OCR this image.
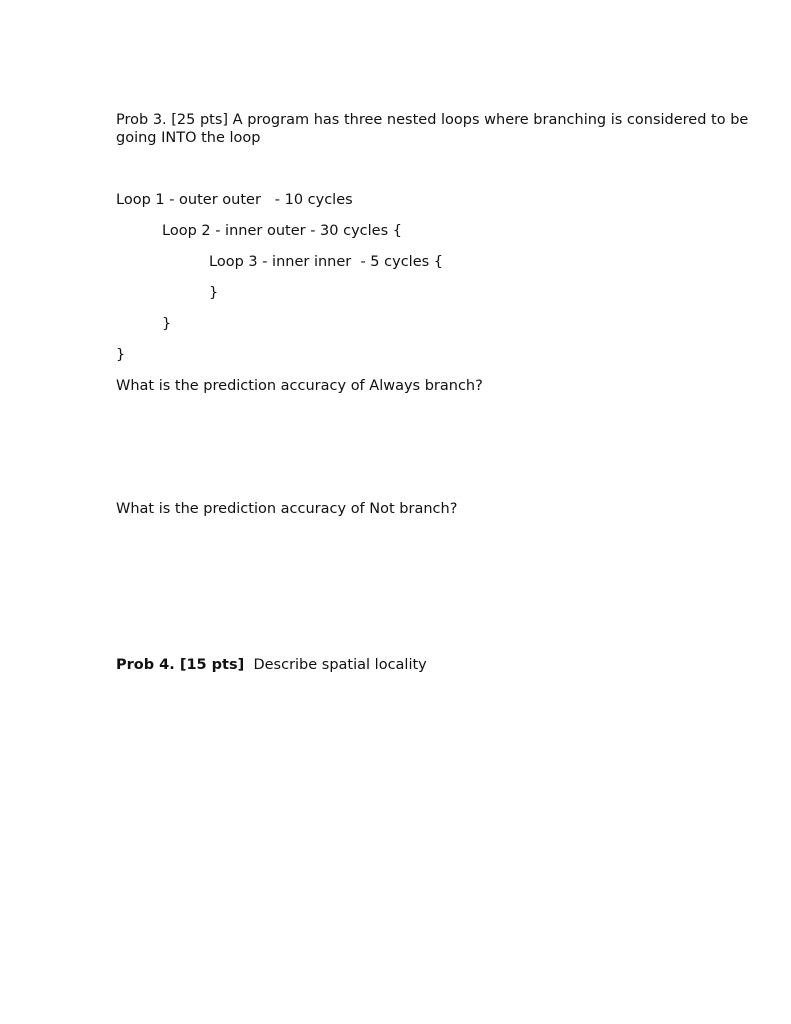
Prob 3. [25 pts] A program has three nested loops where branching is considered to be
going INTO the loop
Loop 1 - outer outer   - 10 cycles
Loop 2 - inner outer - 30 cycles {
Loop 3 - inner inner  - 5 cycles {
}
}
}
What is the prediction accuracy of Always branch?
What is the prediction accuracy of Not branch?
Prob 4. [15 pts]  Describe spatial locality
